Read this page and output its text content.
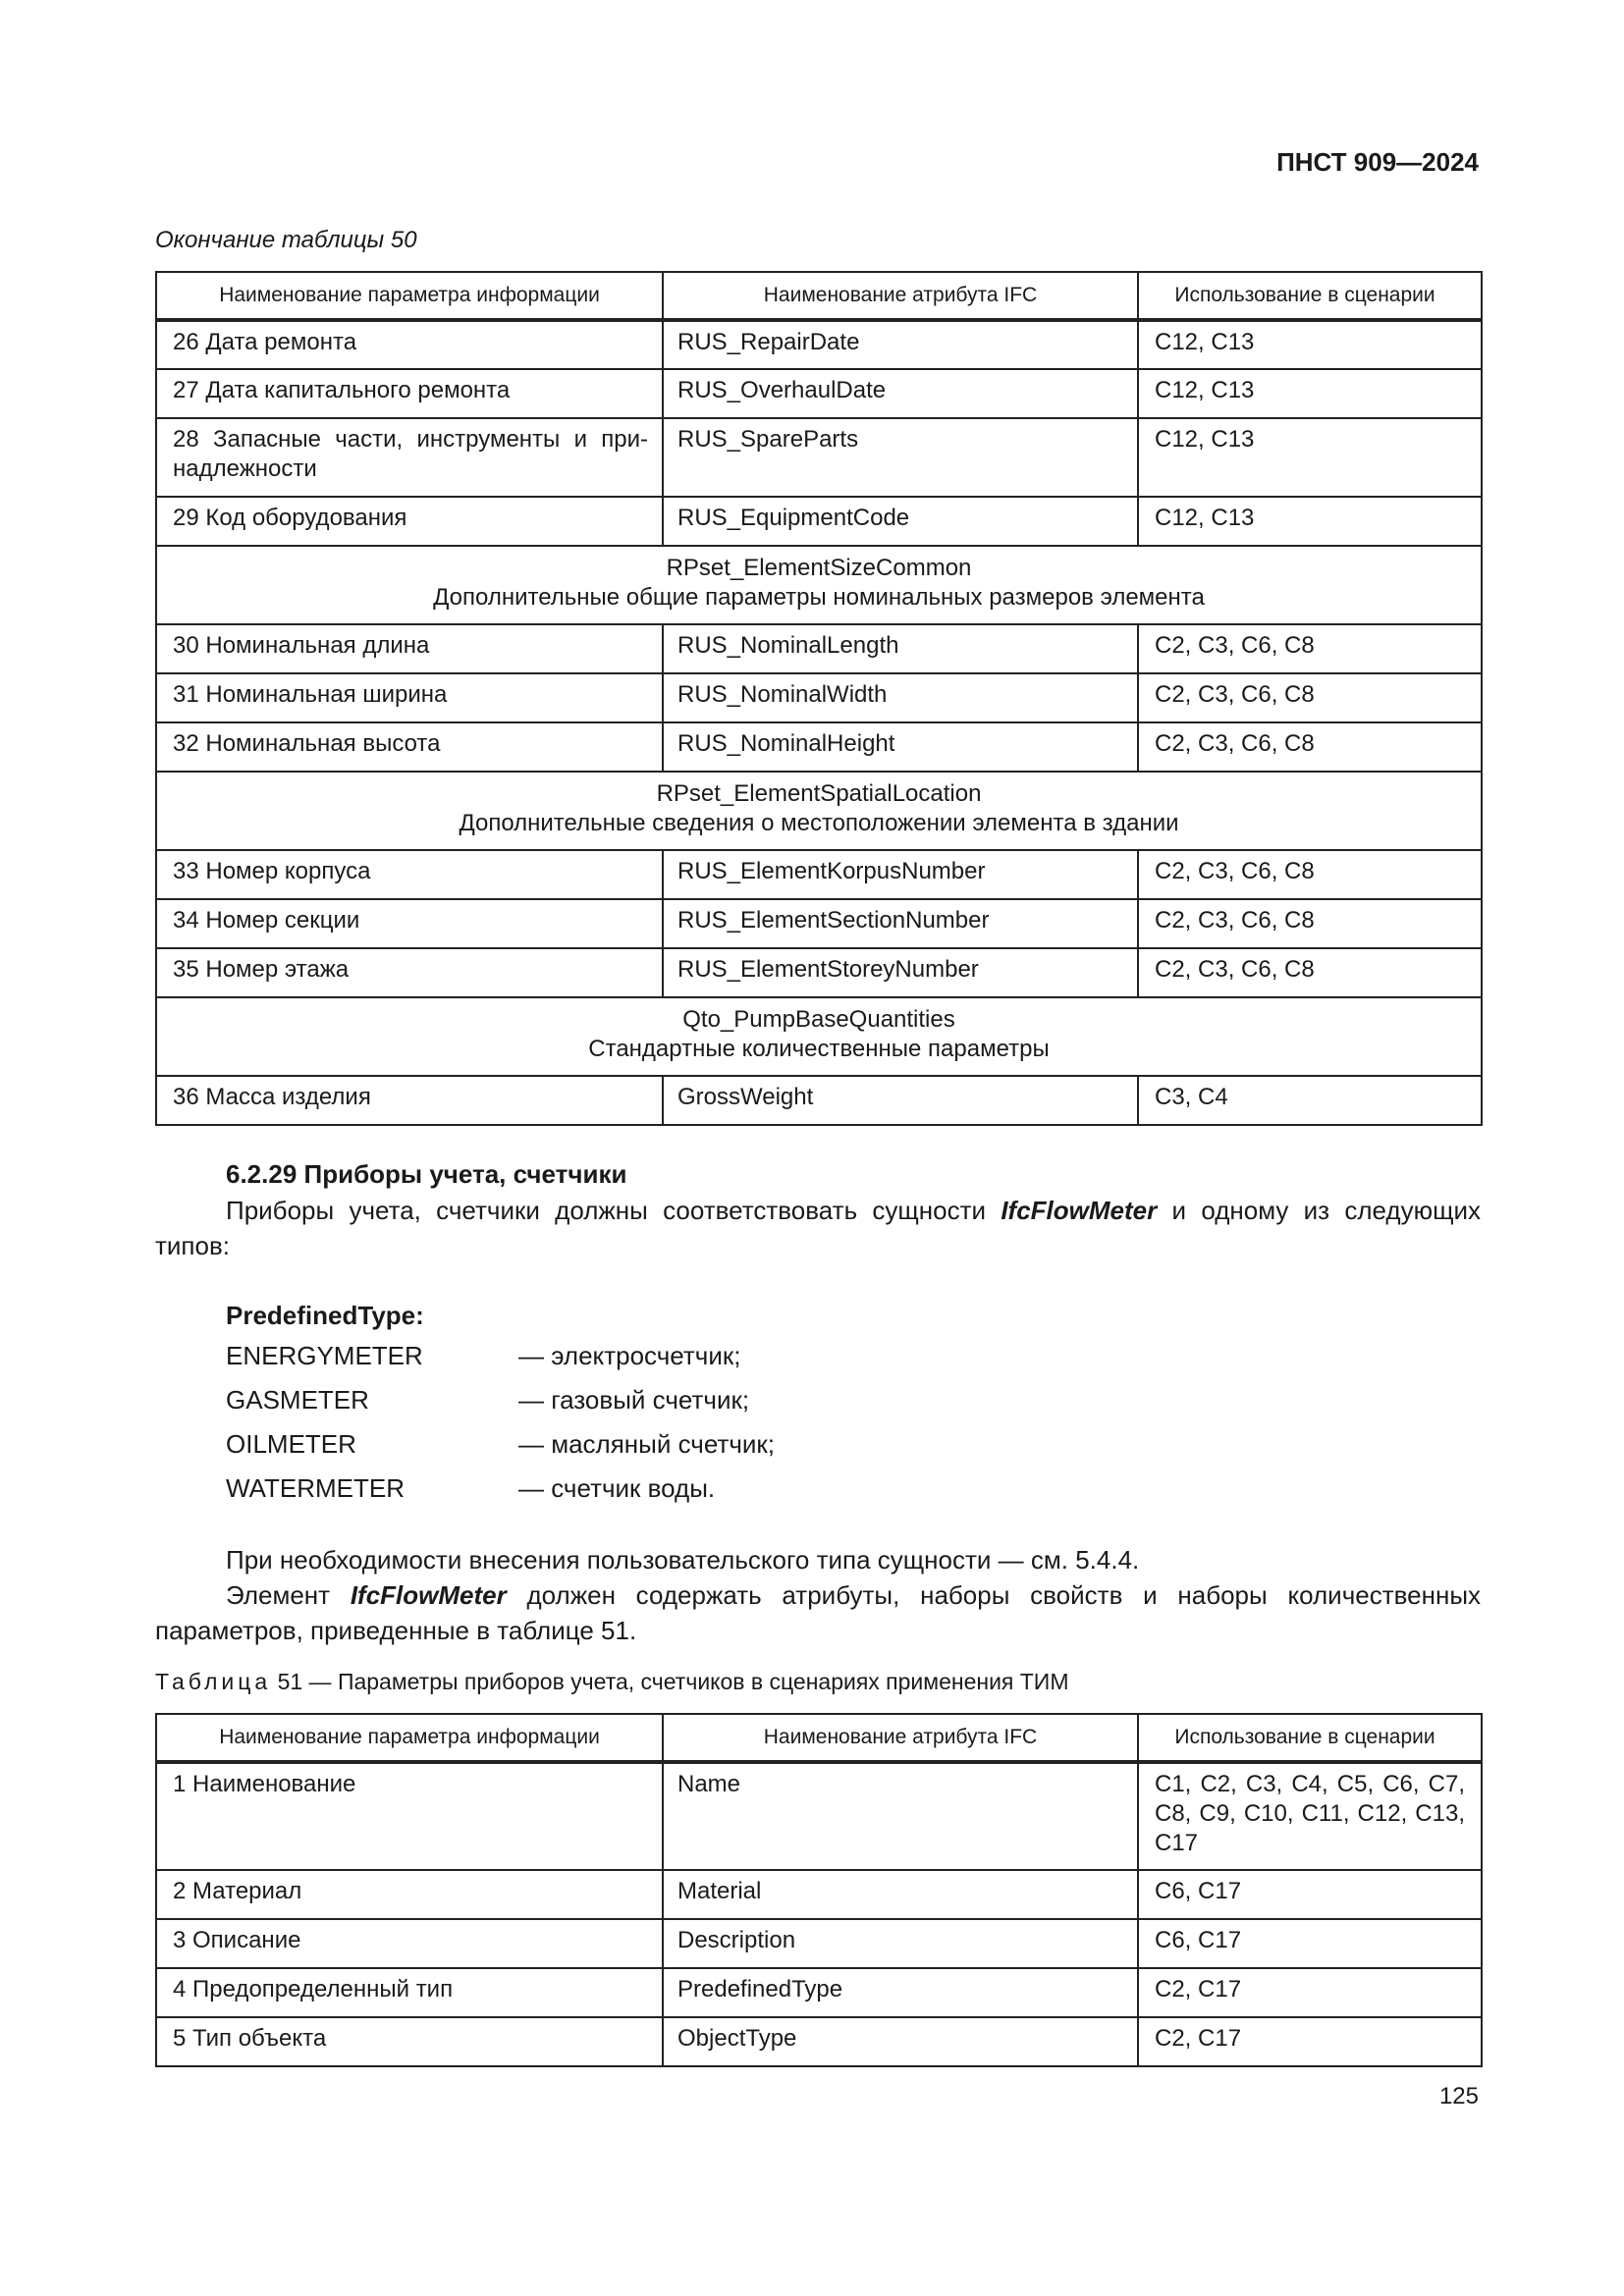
ПНСТ 909—2024
Окончание таблицы 50
Наименование параметра информации	Наименование атрибута IFC	Использование в сценарии

26 Дата ремонта	RUS_RepairDate	C12, C13

27 Дата капитального ремонта	RUS_OverhaulDate	C12, C13

28 Запасные части, инструменты и при-надлежности	RUS_SpareParts	C12, C13

29 Код оборудования	RUS_EquipmentCode	C12, C13

RPset_ElementSizeCommon
Дополнительные общие параметры номинальных размеров элемента		

30 Номинальная длина	RUS_NominalLength	C2, C3, C6, C8

31 Номинальная ширина	RUS_NominalWidth	C2, C3, C6, C8

32 Номинальная высота	RUS_NominalHeight	C2, C3, C6, C8

RPset_ElementSpatialLocation
Дополнительные сведения о местоположении элемента в здании		

33 Номер корпуса	RUS_ElementKorpusNumber	C2, C3, C6, C8

34 Номер секции	RUS_ElementSectionNumber	C2, C3, C6, C8

35 Номер этажа	RUS_ElementStoreyNumber	C2, C3, C6, C8

Qto_PumpBaseQuantities
Стандартные количественные параметры		

36 Масса изделия	GrossWeight	C3, C4
6.2.29 Приборы учета, счетчики
Приборы учета, счетчики должны соответствовать сущности IfcFlowMeter и одному из следующих типов:
PredefinedType:
ENERGYMETER	— электросчетчик;
GASMETER	— газовый счетчик;
OILMETER	— масляный счетчик;
WATERMETER	— счетчик воды.
При необходимости внесения пользовательского типа сущности — см. 5.4.4.
Элемент IfcFlowMeter должен содержать атрибуты, наборы свойств и наборы количественных параметров, приведенные в таблице 51.
Таблица 51 — Параметры приборов учета, счетчиков в сценариях применения ТИМ
Наименование параметра информации	Наименование атрибута IFC	Использование в сценарии

1 Наименование	Name	C1, C2, C3, C4, C5, C6, C7, C8, C9, C10, C11, C12, C13, C17

2 Материал	Material	C6, C17

3 Описание	Description	C6, C17

4 Предопределенный тип	PredefinedType	C2, C17

5 Тип объекта	ObjectType	C2, C17
125
